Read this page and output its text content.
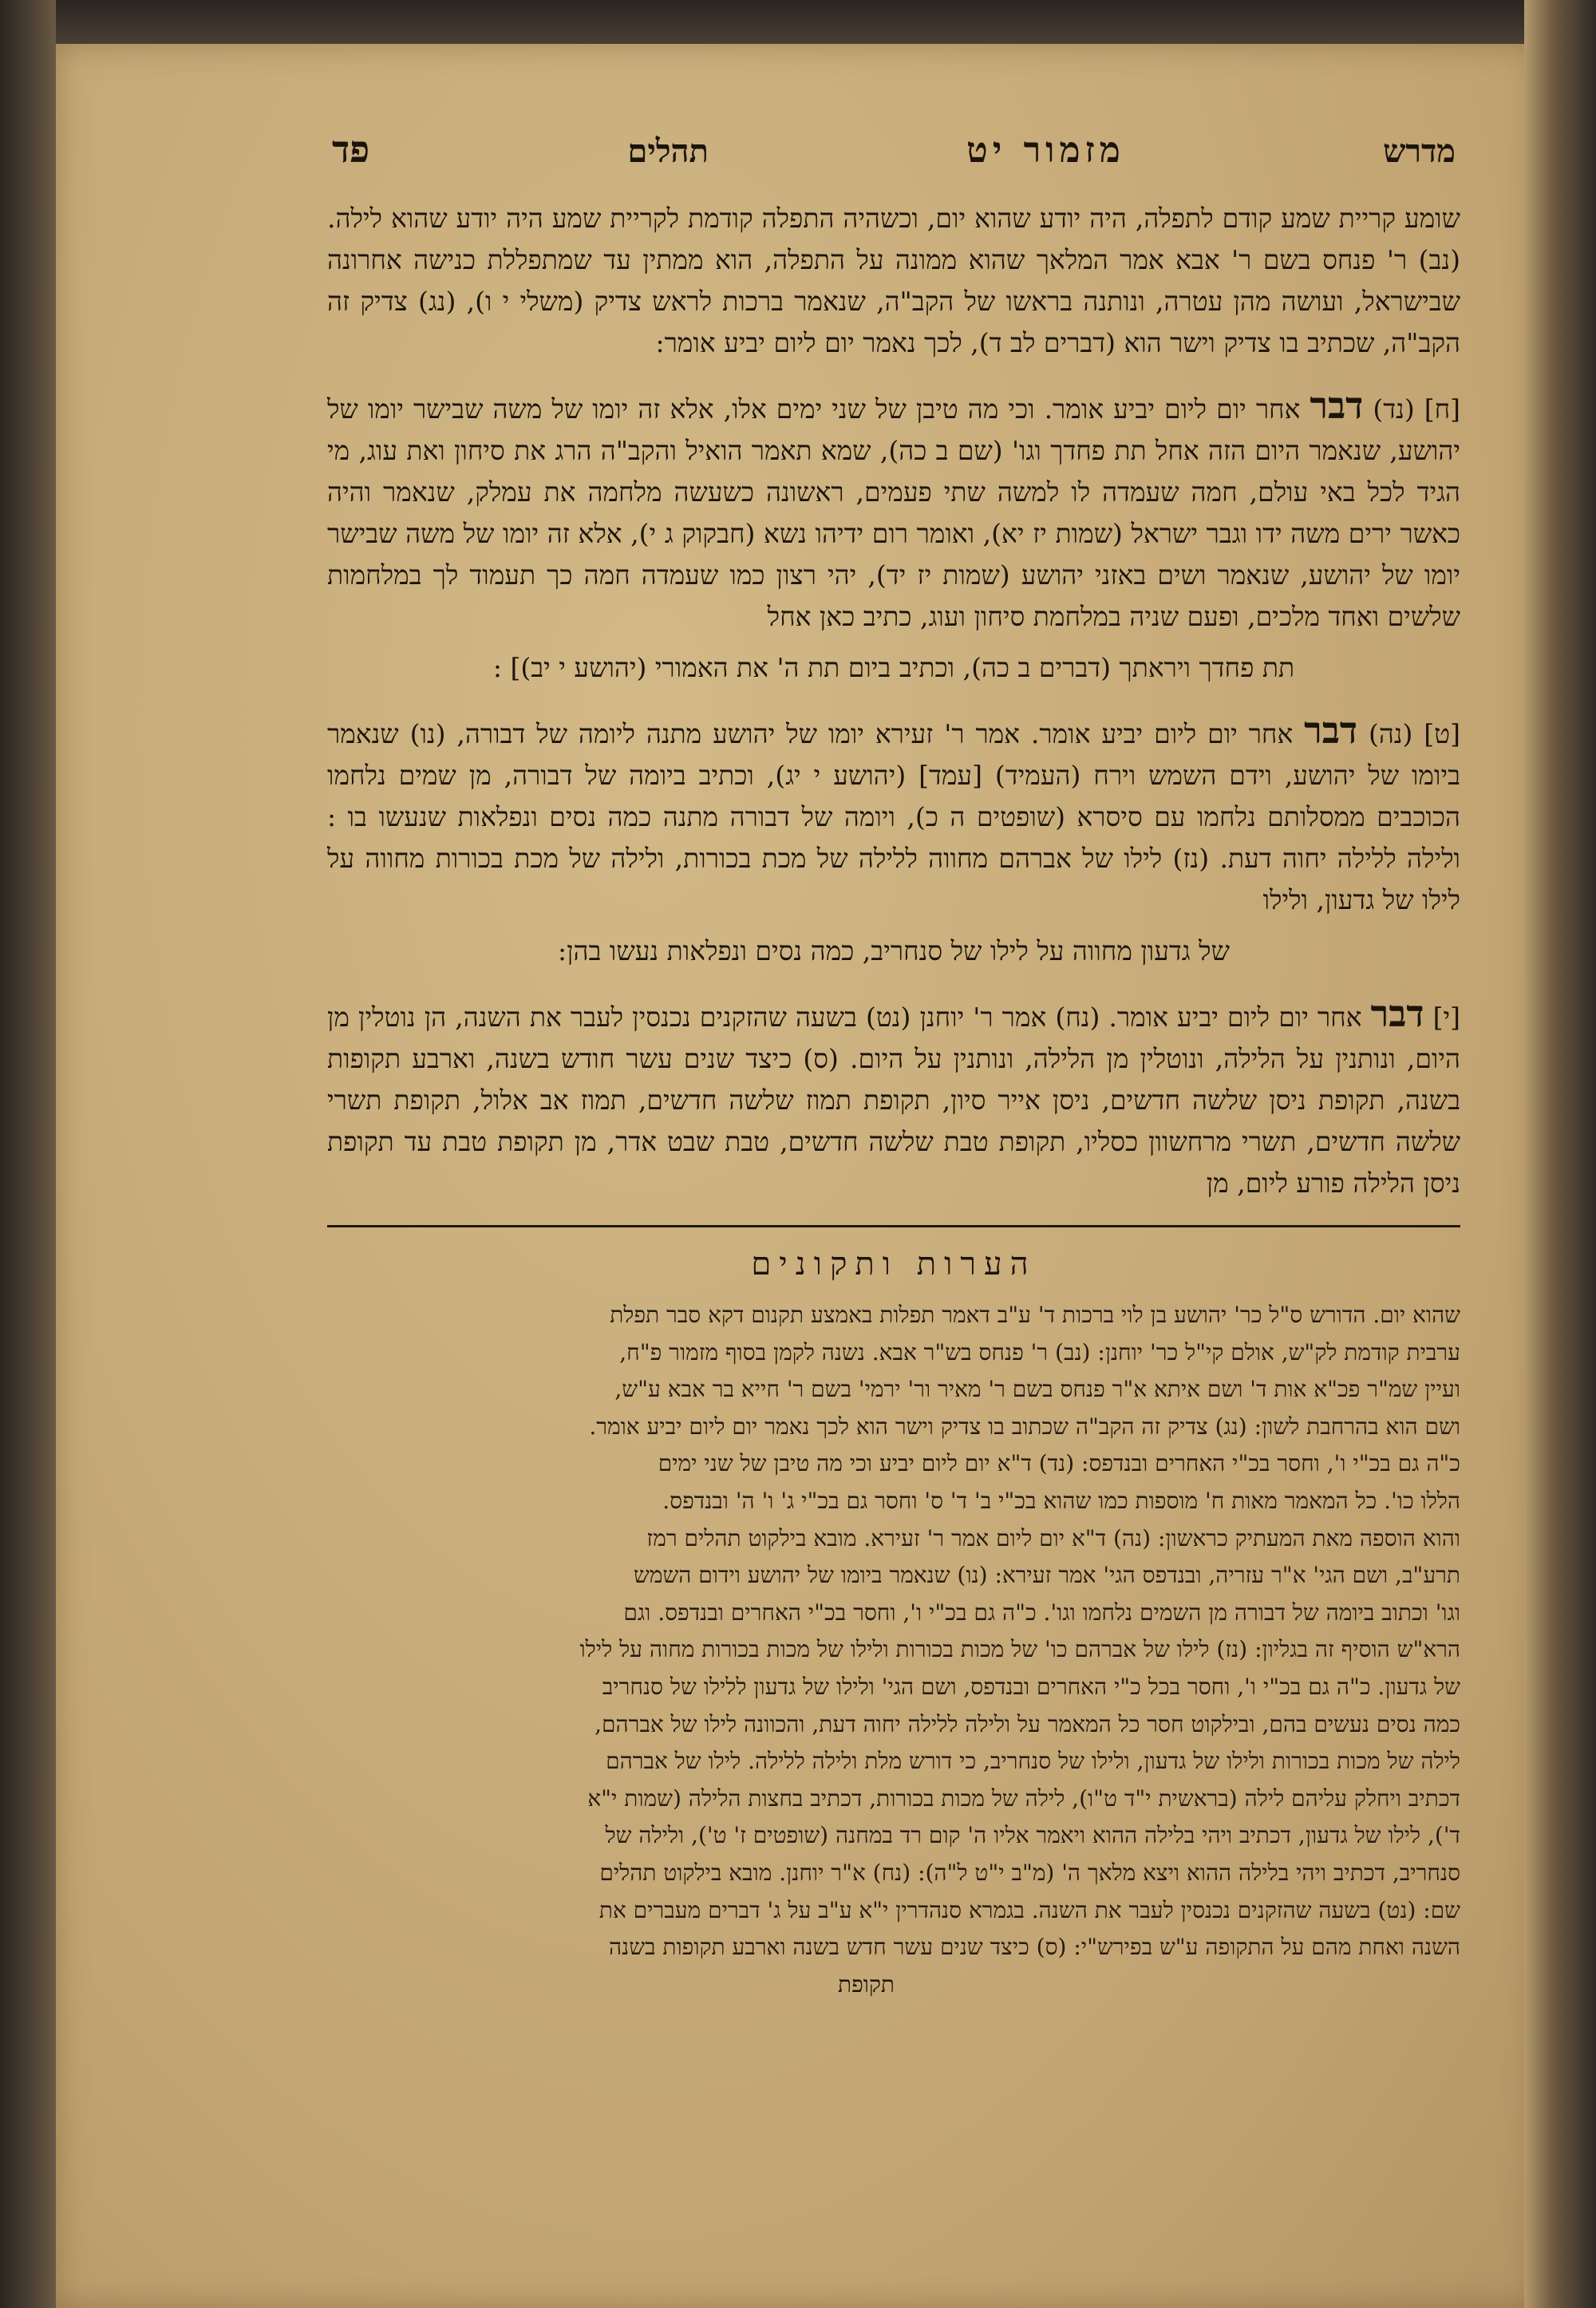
מדרש
מזמור יט
תהלים
פד

שומע קריית שמע קודם לתפלה, היה יודע שהוא יום, וכשהיה התפלה קודמת לקריית שמע היה יודע שהוא לילה. (נב) ר' פנחס בשם ר' אבא אמר המלאך שהוא ממונה על התפלה, הוא ממתין עד שמתפללת כנישה אחרונה שבישראל, ועושה מהן עטרה, ונותנה בראשו של הקב"ה, שנאמר ברכות לראש צדיק (משלי י ו), (נג) צדיק זה הקב"ה, שכתיב בו צדיק וישר הוא (דברים לב ד), לכך נאמר יום ליום יביע אומר:

[ח] (נד) דבר אחר יום ליום יביע אומר. וכי מה טיבן של שני ימים אלו, אלא זה יומו של משה שבישר יומו של יהושע, שנאמר היום הזה אחל תת פחדך וגו' (שם ב כה), שמא תאמר הואיל והקב"ה הרג את סיחון ואת עוג, מי הגיד לכל באי עולם, חמה שעמדה לו למשה שתי פעמים, ראשונה כשעשה מלחמה את עמלק, שנאמר והיה כאשר ירים משה ידו וגבר ישראל (שמות יז יא), ואומר רום ידיהו נשא (חבקוק ג י), אלא זה יומו של משה שבישר יומו של יהושע, שנאמר ושים באזני יהושע (שמות יז יד), יהי רצון כמו שעמדה חמה כך תעמוד לך במלחמות שלשים ואחד מלכים, ופעם שניה במלחמת סיחון ועוג, כתיב כאן אחל

תת פחדך ויראתך (דברים ב כה), וכתיב ביום תת ה' את האמורי (יהושע י יב)] :

[ט] (נה) דבר אחר יום ליום יביע אומר. אמר ר' זעירא יומו של יהושע מתנה ליומה של דבורה, (נו) שנאמר ביומו של יהושע, וידם השמש וירח (העמיד) [עמד] (יהושע י יג), וכתיב ביומה של דבורה, מן שמים נלחמו הכוכבים ממסלותם נלחמו עם סיסרא (שופטים ה כ), ויומה של דבורה מתנה כמה נסים ונפלאות שנעשו בו : ולילה ללילה יחוה דעת. (נז) לילו של אברהם מחווה ללילה של מכת בכורות, ולילה של מכת בכורות מחווה על לילו של גדעון, ולילו

של גדעון מחווה על לילו של סנחריב, כמה נסים ונפלאות נעשו בהן:

[י] דבר אחר יום ליום יביע אומר. (נח) אמר ר' יוחנן (נט) בשעה שהזקנים נכנסין לעבר את השנה, הן נוטלין מן היום, ונותנין על הלילה, ונוטלין מן הלילה, ונותנין על היום. (ס) כיצד שנים עשר חודש בשנה, וארבע תקופות בשנה, תקופת ניסן שלשה חדשים, ניסן אייר סיון, תקופת תמוז שלשה חדשים, תמוז אב אלול, תקופת תשרי שלשה חדשים, תשרי מרחשוון כסליו, תקופת טבת שלשה חדשים, טבת שבט אדר, מן תקופת טבת עד תקופת ניסן הלילה פורע ליום, מן

הערות ותקונים

שהוא יום. הדורש ס"ל כר' יהושע בן לוי ברכות ד' ע"ב דאמר תפלות באמצע תקנום דקא סבר תפלת

ערבית קודמת לק"ש, אולם קי"ל כר' יוחנן: (נב) ר' פנחס בש"ר אבא. נשנה לקמן בסוף מזמור פ"ח,

ועיין שמ"ר פכ"א אות ד' ושם איתא א"ר פנחס בשם ר' מאיר ור' ירמי' בשם ר' חייא בר אבא ע"ש,

ושם הוא בהרחבת לשון: (נג) צדיק זה הקב"ה שכתוב בו צדיק וישר הוא לכך נאמר יום ליום יביע אומר.

כ"ה גם בכ"י ו', וחסר בכ"י האחרים ובנדפס: (נד) ד"א יום ליום יביע וכי מה טיבן של שני ימים

הללו כו'. כל המאמר מאות ח' מוספות כמו שהוא בכ"י ב' ד' ס' וחסר גם בכ"י ג' ו' ה' ובנדפס.

והוא הוספה מאת המעתיק כראשון: (נה) ד"א יום ליום אמר ר' זעירא. מובא בילקוט תהלים רמז

תרע"ב, ושם הגי' א"ר עזריה, ובנדפס הגי' אמר זעירא: (נו) שנאמר ביומו של יהושע וידום השמש

וגו' וכתוב ביומה של דבורה מן השמים נלחמו וגו'. כ"ה גם בכ"י ו', וחסר בכ"י האחרים ובנדפס. וגם

הרא"ש הוסיף זה בגליון: (נז) לילו של אברהם כו' של מכות בכורות ולילו של מכות בכורות מחוה על לילו

של גדעון. כ"ה גם בכ"י ו', וחסר בכל כ"י האחרים ובנדפס, ושם הגי' ולילו של גדעון ללילו של סנחריב

כמה נסים נעשים בהם, ובילקוט חסר כל המאמר על ולילה ללילה יחוה דעת, והכוונה לילו של אברהם,

לילה של מכות בכורות ולילו של גדעון, ולילו של סנחריב, כי דורש מלת ולילה ללילה. לילו של אברהם

דכתיב ויחלק עליהם לילה (בראשית י"ד ט"ו), לילה של מכות בכורות, דכתיב בחצות הלילה (שמות י"א

ד'), לילו של גדעון, דכתיב ויהי בלילה ההוא ויאמר אליו ה' קום רד במחנה (שופטים ז' ט'), ולילה של

סנחריב, דכתיב ויהי בלילה ההוא ויצא מלאך ה' (מ"ב י"ט ל"ה): (נח) א"ר יוחנן. מובא בילקוט תהלים

שם: (נט) בשעה שהזקנים נכנסין לעבר את השנה. בגמרא סנהדרין י"א ע"ב על ג' דברים מעברים את

השנה ואחת מהם על התקופה ע"ש בפירש"י: (ס) כיצד שנים עשר חדש בשנה וארבע תקופות בשנה

תקופת
